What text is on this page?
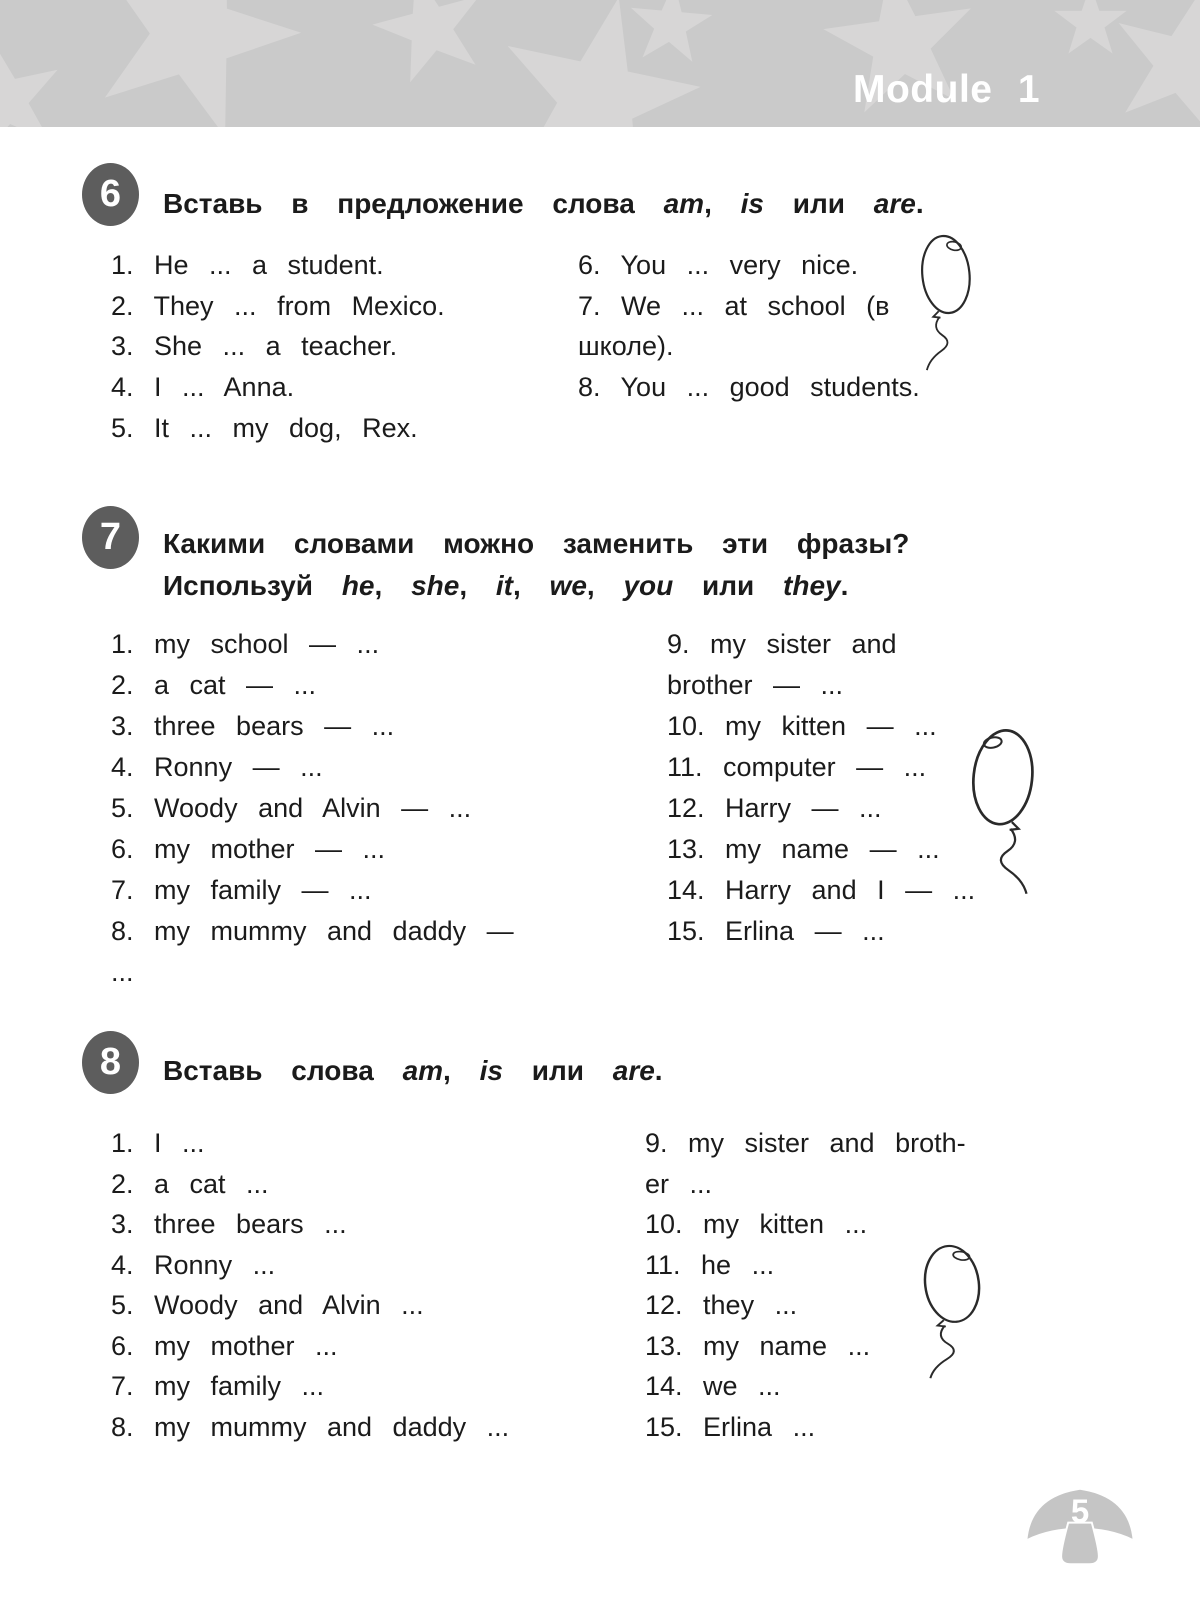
Module 1
6	Вставь в предложение слова am, is или are.
1. He ... a student.
2. They ... from Mexico.
3. She ... a teacher.
4. I ... Anna.
5. It ... my dog, Rex.
6. You ... very nice.
7. We ... at school (в
школе).
8. You ... good students.
7	Какими словами можно заменить эти фразы?
Используй he, she, it, we, you или they.
1. my school — ...
2. a cat — ...
3. three bears — ...
4. Ronny — ...
5. Woody and Alvin — ...
6. my mother — ...
7. my family — ...
8. my mummy and daddy —
...
9. my sister and
brother — ...
10. my kitten — ...
11. computer — ...
12. Harry — ...
13. my name — ...
14. Harry and I — ...
15. Erlina — ...
8	Вставь слова am, is или are.
1. I ...
2. a cat ...
3. three bears ...
4. Ronny ...
5. Woody and Alvin ...
6. my mother ...
7. my family ...
8. my mummy and daddy ...
9. my sister and broth-
er ...
10. my kitten ...
11. he ...
12. they ...
13. my name ...
14. we ...
15. Erlina ...
5
